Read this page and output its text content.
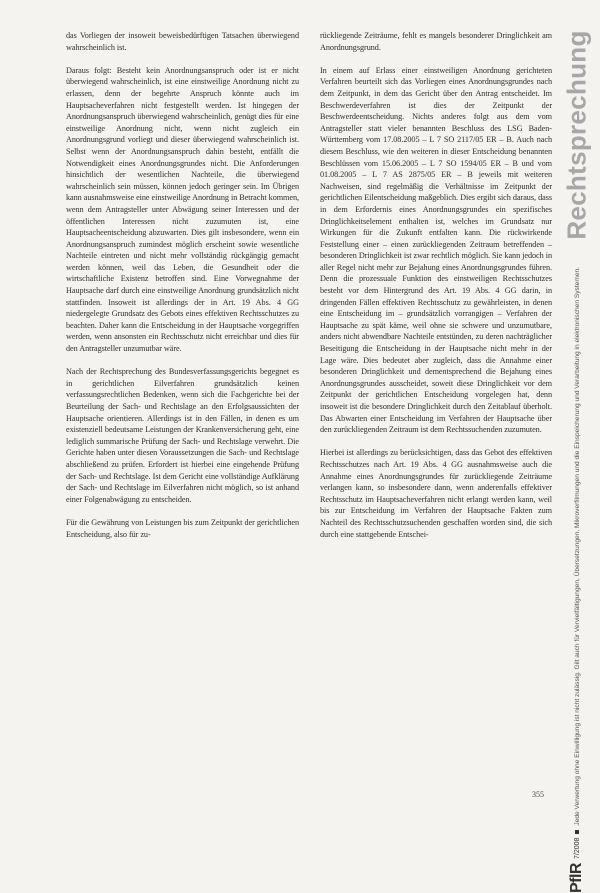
das Vorliegen der insoweit beweisbedürftigen Tatsachen überwiegend wahrscheinlich ist.

Daraus folgt: Besteht kein Anordnungsanspruch oder ist er nicht überwiegend wahrscheinlich, ist eine einstweilige Anordnung nicht zu erlassen, denn der begehrte Anspruch könnte auch im Hauptsacheverfahren nicht festgestellt werden. Ist hingegen der Anordnungsanspruch überwiegend wahrscheinlich, genügt dies für eine einstweilige Anordnung nicht, wenn nicht zugleich ein Anordnungsgrund vorliegt und dieser überwiegend wahrscheinlich ist. Selbst wenn der Anordnungsanspruch dahin besteht, entfällt die Notwendigkeit eines Anordnungsgrundes nicht. Die Anforderungen hinsichtlich der wesentlichen Nachteile, die überwiegend wahrscheinlich sein müssen, können jedoch geringer sein. Im Übrigen kann ausnahmsweise eine einstweilige Anordnung in Betracht kommen, wenn dem Antragsteller unter Abwägung seiner Interessen und der öffentlichen Interessen nicht zuzumuten ist, eine Hauptsacheentscheidung abzuwarten. Dies gilt insbesondere, wenn ein Anordnungsanspruch zumindest möglich erscheint sowie wesentliche Nachteile eintreten und nicht mehr vollständig rückgängig gemacht werden können, weil das Leben, die Gesundheit oder die wirtschaftliche Existenz betroffen sind. Eine Vorwegnahme der Hauptsache darf durch eine einstweilige Anordnung grundsätzlich nicht stattfinden. Insoweit ist allerdings der in Art. 19 Abs. 4 GG niedergelegte Grundsatz des Gebots eines effektiven Rechtsschutzes zu beachten. Daher kann die Entscheidung in der Hauptsache vorgegriffen werden, wenn ansonsten ein Rechtsschutz nicht erreichbar und dies für den Antragsteller unzumutbar wäre.

Nach der Rechtsprechung des Bundesverfassungsgerichts begegnet es in gerichtlichen Eilverfahren grundsätzlich keinen verfassungsrechtlichen Bedenken, wenn sich die Fachgerichte bei der Beurteilung der Sach- und Rechtslage an den Erfolgsaussichten der Hauptsache orientieren. Allerdings ist in den Fällen, in denen es um existenziell bedeutsame Leistungen der Krankenversicherung geht, eine lediglich summarische Prüfung der Sach- und Rechtslage verwehrt. Die Gerichte haben unter diesen Voraussetzungen die Sach- und Rechtslage abschließend zu prüfen. Erfordert ist hierbei eine eingehende Prüfung der Sach- und Rechtslage. Ist dem Gericht eine vollständige Aufklärung der Sach- und Rechtslage im Eilverfahren nicht möglich, so ist anhand einer Folgenabwägung zu entscheiden.

Für die Gewährung von Leistungen bis zum Zeitpunkt der gerichtlichen Entscheidung, also für zu-

rückliegende Zeiträume, fehlt es mangels besonderer Dringlichkeit am Anordnungsgrund.

In einem auf Erlass einer einstweiligen Anordnung gerichteten Verfahren beurteilt sich das Vorliegen eines Anordnungsgrundes nach dem Zeitpunkt, in dem das Gericht über den Antrag entscheidet. Im Beschwerdeverfahren ist dies der Zeitpunkt der Beschwerdeentscheidung. Nichts anderes folgt aus dem vom Antragsteller statt vieler benannten Beschluss des LSG Baden-Württemberg vom 17.08.2005 – L 7 SO 2117/05 ER – B. Auch nach diesem Beschluss, wie den weiteren in dieser Entscheidung benannten Beschlüssen vom 15.06.2005 – L 7 SO 1594/05 ER – B und vom 01.08.2005 – L 7 AS 2875/05 ER – B jeweils mit weiteren Nachweisen, sind regelmäßig die Verhältnisse im Zeitpunkt der gerichtlichen Eilentscheidung maßgeblich. Dies ergibt sich daraus, dass in dem Erfordernis eines Anordnungsgrundes ein spezifisches Dringlichkeitselement enthalten ist, welches im Grundsatz nur Wirkungen für die Zukunft entfalten kann. Die rückwirkende Feststellung einer – einen zurückliegenden Zeitraum betreffenden – besonderen Dringlichkeit ist zwar rechtlich möglich. Sie kann jedoch in aller Regel nicht mehr zur Bejahung eines Anordnungsgrundes führen. Denn die prozessuale Funktion des einstweiligen Rechtsschutzes besteht vor dem Hintergrund des Art. 19 Abs. 4 GG darin, in dringenden Fällen effektiven Rechtsschutz zu gewährleisten, in denen eine Entscheidung im – grundsätzlich vorrangigen – Verfahren der Hauptsache zu spät käme, weil ohne sie schwere und unzumutbare, anders nicht abwendbare Nachteile entstünden, zu deren nachträglicher Beseitigung die Entscheidung in der Hauptsache nicht mehr in der Lage wäre. Dies bedeutet aber zugleich, dass die Annahme einer besonderen Dringlichkeit und dementsprechend die Bejahung eines Anordnungsgrundes ausscheidet, soweit diese Dringlichkeit vor dem Zeitpunkt der gerichtlichen Entscheidung vorgelegen hat, denn insoweit ist die besondere Dringlichkeit durch den Zeitablauf überholt. Das Abwarten einer Entscheidung im Verfahren der Hauptsache über den zurückliegenden Zeitraum ist dem Rechtssuchenden zuzumuten.

Hierbei ist allerdings zu berücksichtigen, dass das Gebot des effektiven Rechtsschutzes nach Art. 19 Abs. 4 GG ausnahmsweise auch die Annahme eines Anordnungsgrundes für zurückliegende Zeiträume verlangen kann, so insbesondere dann, wenn anderenfalls effektiver Rechtsschutz im Hauptsacheverfahren nicht erlangt werden kann, weil bis zur Entscheidung im Verfahren der Hauptsache Fakten zum Nachteil des Rechtsschutzsuchenden geschaffen worden sind, die sich durch eine stattgebende Entschei-

Rechtsprechung
PflR
7/2008
Jede Verwertung ohne Einwilligung ist nicht zulässig. Gilt auch für Vervielfältigungen, Übersetzungen, Mikroverfilmungen und die Einspeicherung und Verarbeitung in elektronischen Systemen.
355
